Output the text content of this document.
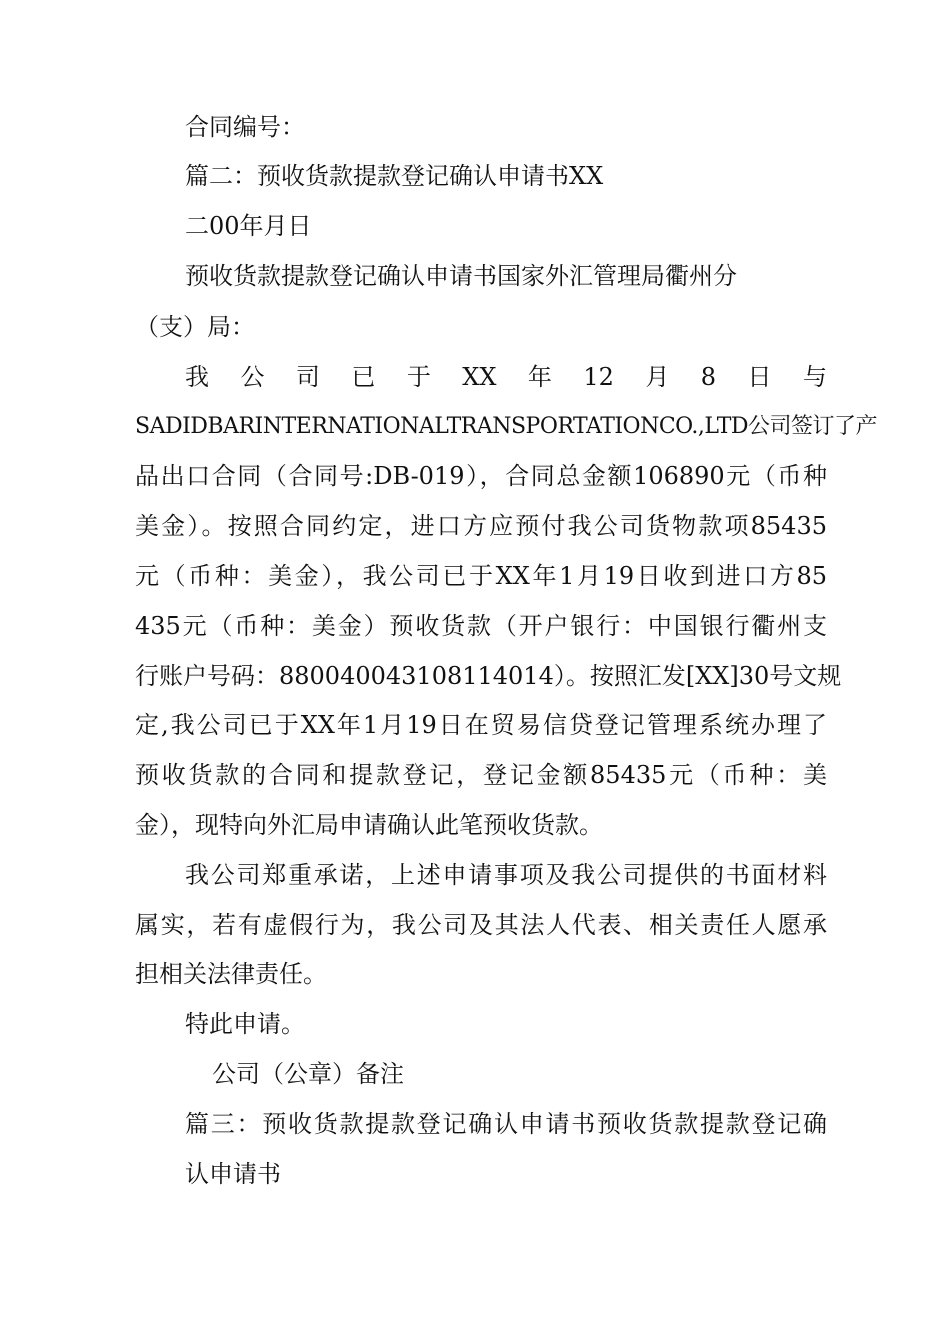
合同编号：
篇二：预收货款提款登记确认申请书XX
二00年月日
预收货款提款登记确认申请书国家外汇管理局衢州分
（支）局：
我 公 司 已 于 XX 年 12 月 8 日 与
SADIDBARINTERNATIONALTRANSPORTATIONCO.,LTD公司签订了产
品出口合同（合同号:DB-019），合同总金额106890元（币种
美金）。按照合同约定，进口方应预付我公司货物款项85435
元（币种：美金），我公司已于XX年1月19日收到进口方85
435元（币种：美金）预收货款（开户银行：中国银行衢州支
行账户号码：880040043108114014）。按照汇发[XX]30号文规
定,我公司已于XX年1月19日在贸易信贷登记管理系统办理了
预收货款的合同和提款登记，登记金额85435元（币种：美
金），现特向外汇局申请确认此笔预收货款。
我公司郑重承诺，上述申请事项及我公司提供的书面材料
属实，若有虚假行为，我公司及其法人代表、相关责任人愿承
担相关法律责任。
特此申请。
公司（公章）备注
篇三：预收货款提款登记确认申请书预收货款提款登记确
认申请书
